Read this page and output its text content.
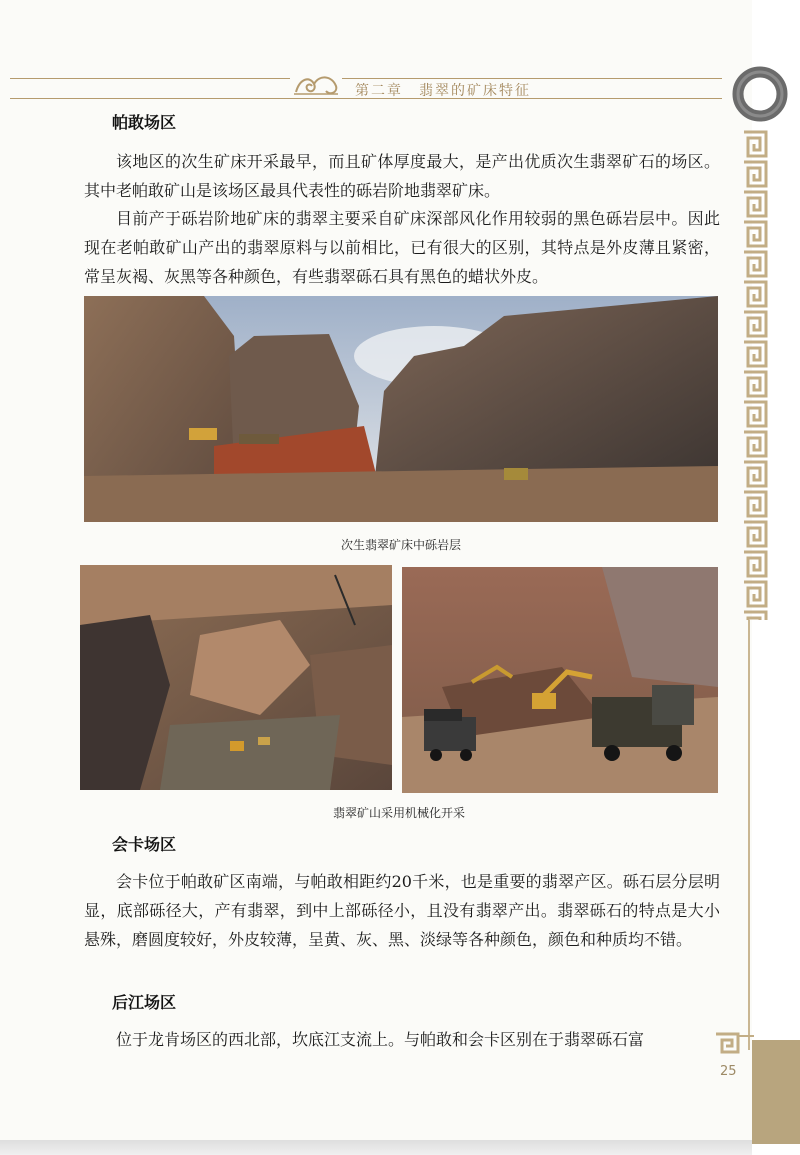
第二章　翡翠的矿床特征
25
帕敢场区

该地区的次生矿床开采最早，而且矿体厚度最大，是产出优质次生翡翠矿石的场区。其中老帕敢矿山是该场区最具代表性的砾岩阶地翡翠矿床。

目前产于砾岩阶地矿床的翡翠主要采自矿床深部风化作用较弱的黑色砾岩层中。因此现在老帕敢矿山产出的翡翠原料与以前相比，已有很大的区别，其特点是外皮薄且紧密，常呈灰褐、灰黑等各种颜色，有些翡翠砾石具有黑色的蜡状外皮。

次生翡翠矿床中砾岩层
翡翠矿山采用机械化开采
会卡场区

会卡位于帕敢矿区南端，与帕敢相距约20千米，也是重要的翡翠产区。砾石层分层明显，底部砾径大，产有翡翠，到中上部砾径小，且没有翡翠产出。翡翠砾石的特点是大小悬殊，磨圆度较好，外皮较薄，呈黄、灰、黑、淡绿等各种颜色，颜色和种质均不错。

后江场区

位于龙肯场区的西北部，坎底江支流上。与帕敢和会卡区别在于翡翠砾石富
